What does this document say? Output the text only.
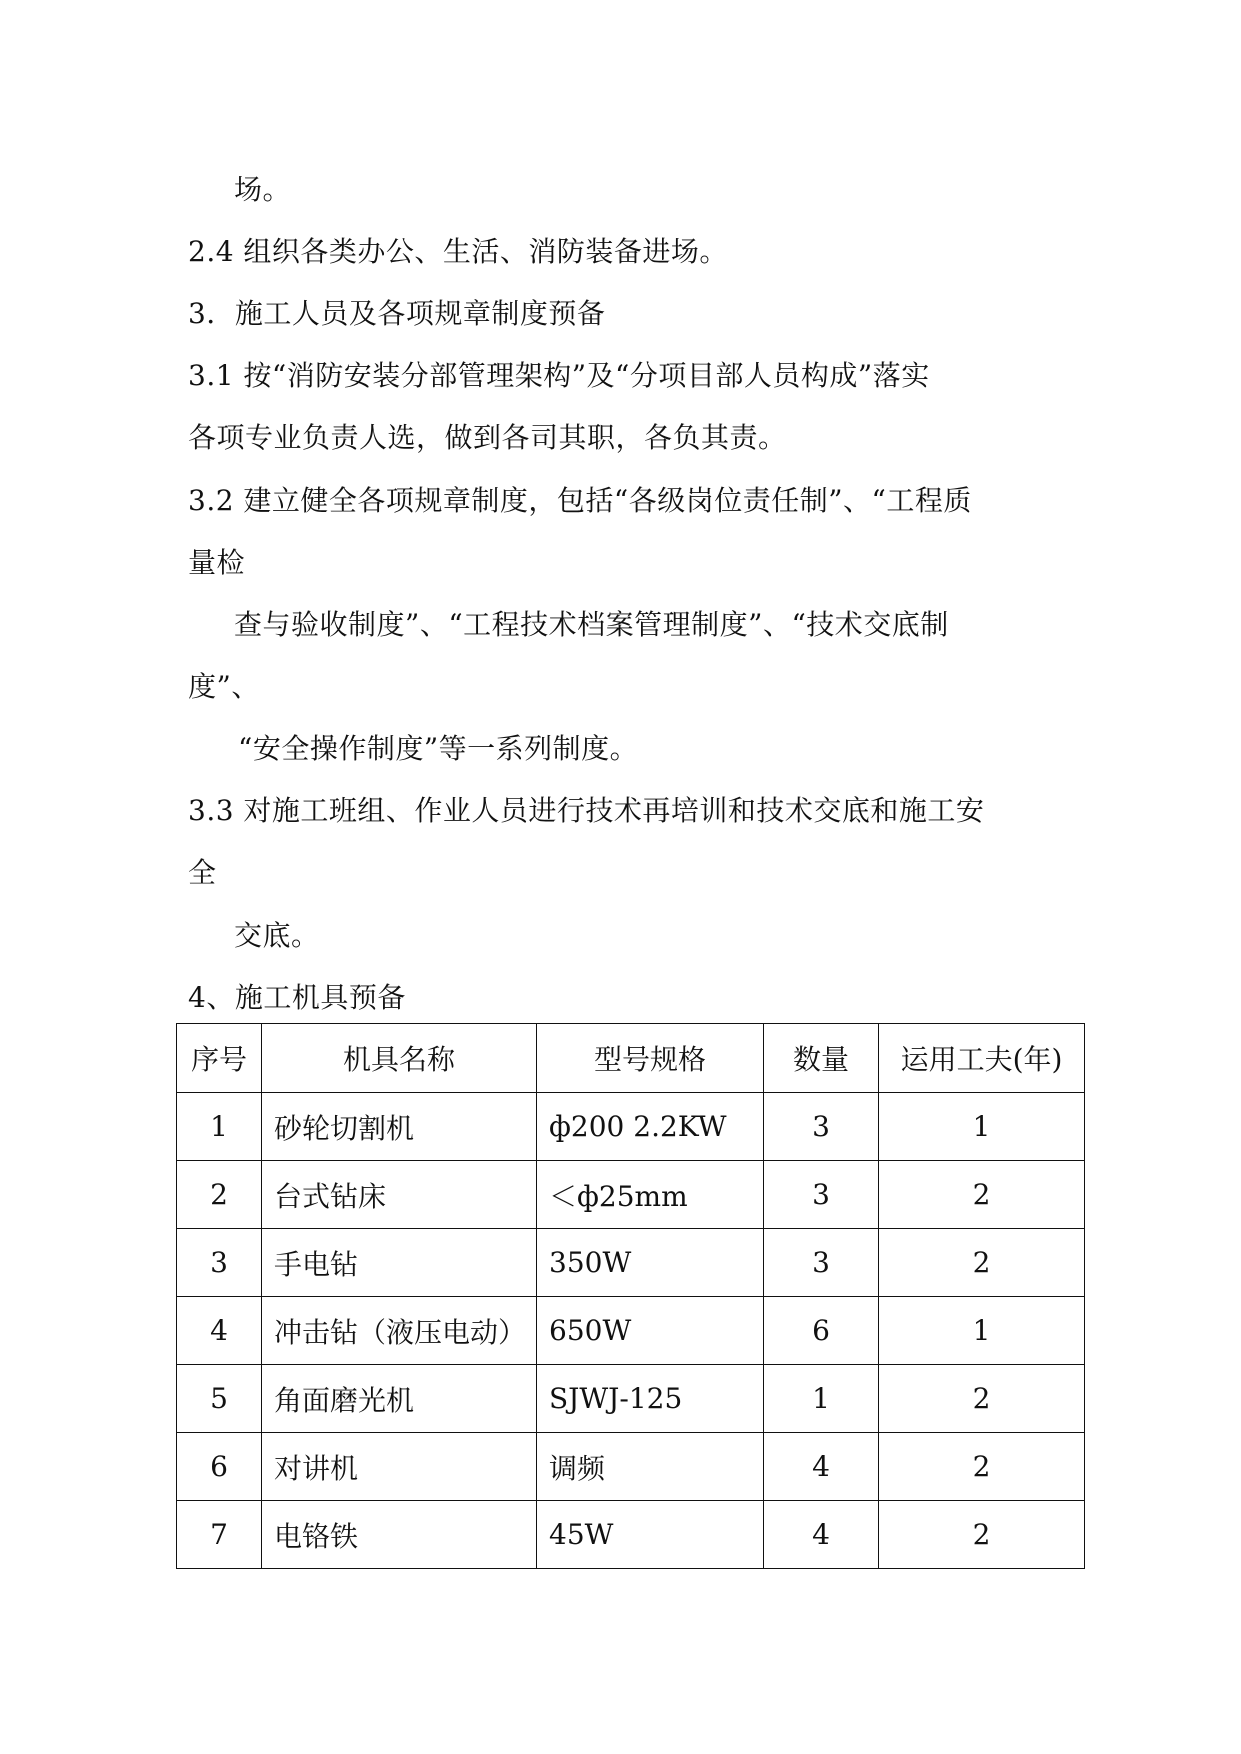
场。

2.4 组织各类办公、生活、消防装备进场。

3．施工人员及各项规章制度预备

3.1 按“消防安装分部管理架构”及“分项目部人员构成”落实

各项专业负责人选，做到各司其职，各负其责。

3.2 建立健全各项规章制度，包括“各级岗位责任制”、“工程质

量检

查与验收制度”、“工程技术档案管理制度”、“技术交底制

度”、

“安全操作制度”等一系列制度。

3.3 对施工班组、作业人员进行技术再培训和技术交底和施工安

全

交底。

4、施工机具预备

序号	机具名称	型号规格	数量	运用工夫(年)
1	砂轮切割机	ф200 2.2KW	3	1
2	台式钻床	＜ф25mm	3	2
3	手电钻	350W	3	2
4	冲击钻（液压电动）	650W	6	1
5	角面磨光机	SJWJ-125	1	2
6	对讲机	调频	4	2
7	电铬铁	45W	4	2
